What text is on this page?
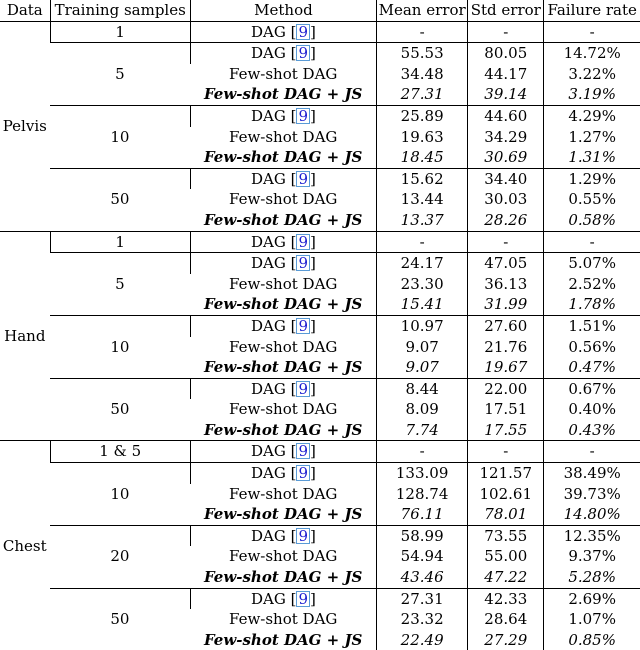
Data	Training samples	Method	Mean error	Std error	Failure rate
Pelvis	1	DAG [ 9 ]	-	-	-
	5	DAG [ 9 ]	55.53	80.05	14.72%
		Few-shot DAG	34.48	44.17	3.22%
		Few-shot DAG + JS	27.31	39.14	3.19%
	10	DAG [ 9 ]	25.89	44.60	4.29%
		Few-shot DAG	19.63	34.29	1.27%
		Few-shot DAG + JS	18.45	30.69	1.31%
	50	DAG [ 9 ]	15.62	34.40	1.29%
		Few-shot DAG	13.44	30.03	0.55%
		Few-shot DAG + JS	13.37	28.26	0.58%
Hand	1	DAG [ 9 ]	-	-	-
	5	DAG [ 9 ]	24.17	47.05	5.07%
		Few-shot DAG	23.30	36.13	2.52%
		Few-shot DAG + JS	15.41	31.99	1.78%
	10	DAG [ 9 ]	10.97	27.60	1.51%
		Few-shot DAG	9.07	21.76	0.56%
		Few-shot DAG + JS	9.07	19.67	0.47%
	50	DAG [ 9 ]	8.44	22.00	0.67%
		Few-shot DAG	8.09	17.51	0.40%
		Few-shot DAG + JS	7.74	17.55	0.43%
Chest	1 & 5	DAG [ 9 ]	-	-	-
	10	DAG [ 9 ]	133.09	121.57	38.49%
		Few-shot DAG	128.74	102.61	39.73%
		Few-shot DAG + JS	76.11	78.01	14.80%
	20	DAG [ 9 ]	58.99	73.55	12.35%
		Few-shot DAG	54.94	55.00	9.37%
		Few-shot DAG + JS	43.46	47.22	5.28%
	50	DAG [ 9 ]	27.31	42.33	2.69%
		Few-shot DAG	23.32	28.64	1.07%
		Few-shot DAG + JS	22.49	27.29	0.85%
